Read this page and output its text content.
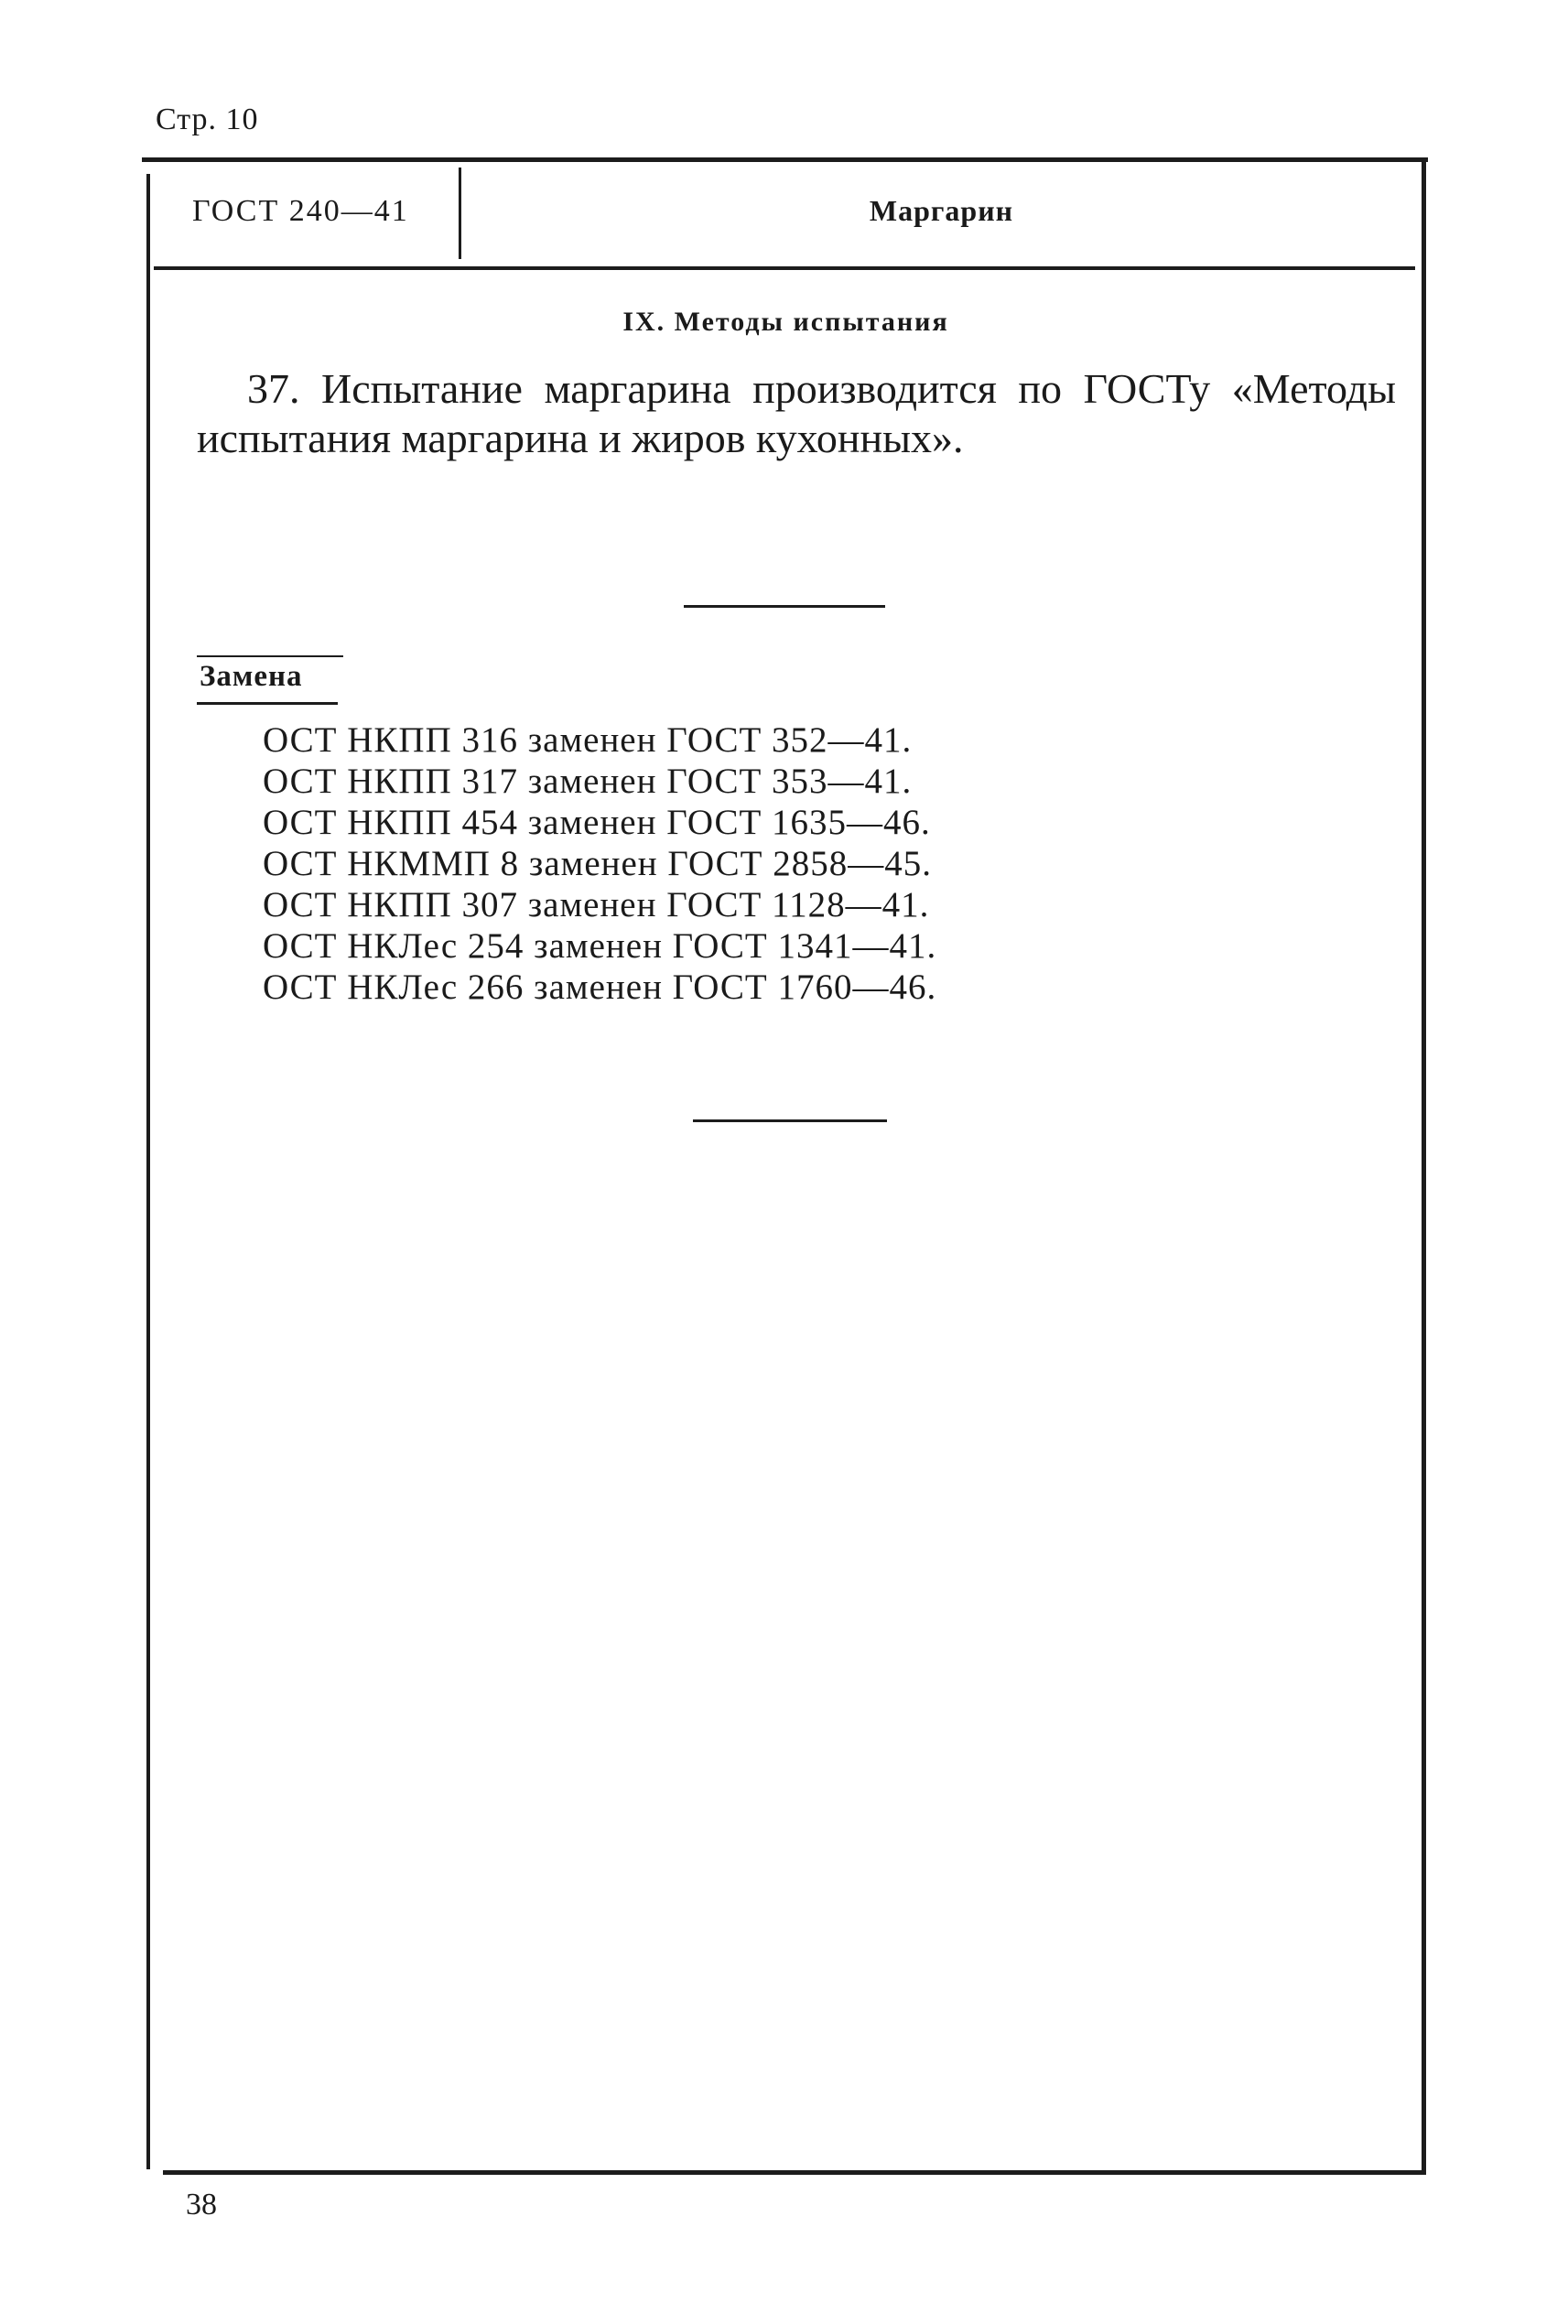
Стр. 10
ГОСТ 240—41	Маргарин
IX. Методы испытания
37. Испытание маргарина производится по ГОСТу «Методы
испытания маргарина и жиров кухонных».
Замена
ОСТ НКПП 316 заменен ГОСТ 352—41.
ОСТ НКПП 317 заменен ГОСТ 353—41.
ОСТ НКПП 454 заменен ГОСТ 1635—46.
ОСТ НКММП 8 заменен ГОСТ 2858—45.
ОСТ НКПП 307 заменен ГОСТ 1128—41.
ОСТ НКЛес 254 заменен ГОСТ 1341—41.
ОСТ НКЛес 266 заменен ГОСТ 1760—46.
38
